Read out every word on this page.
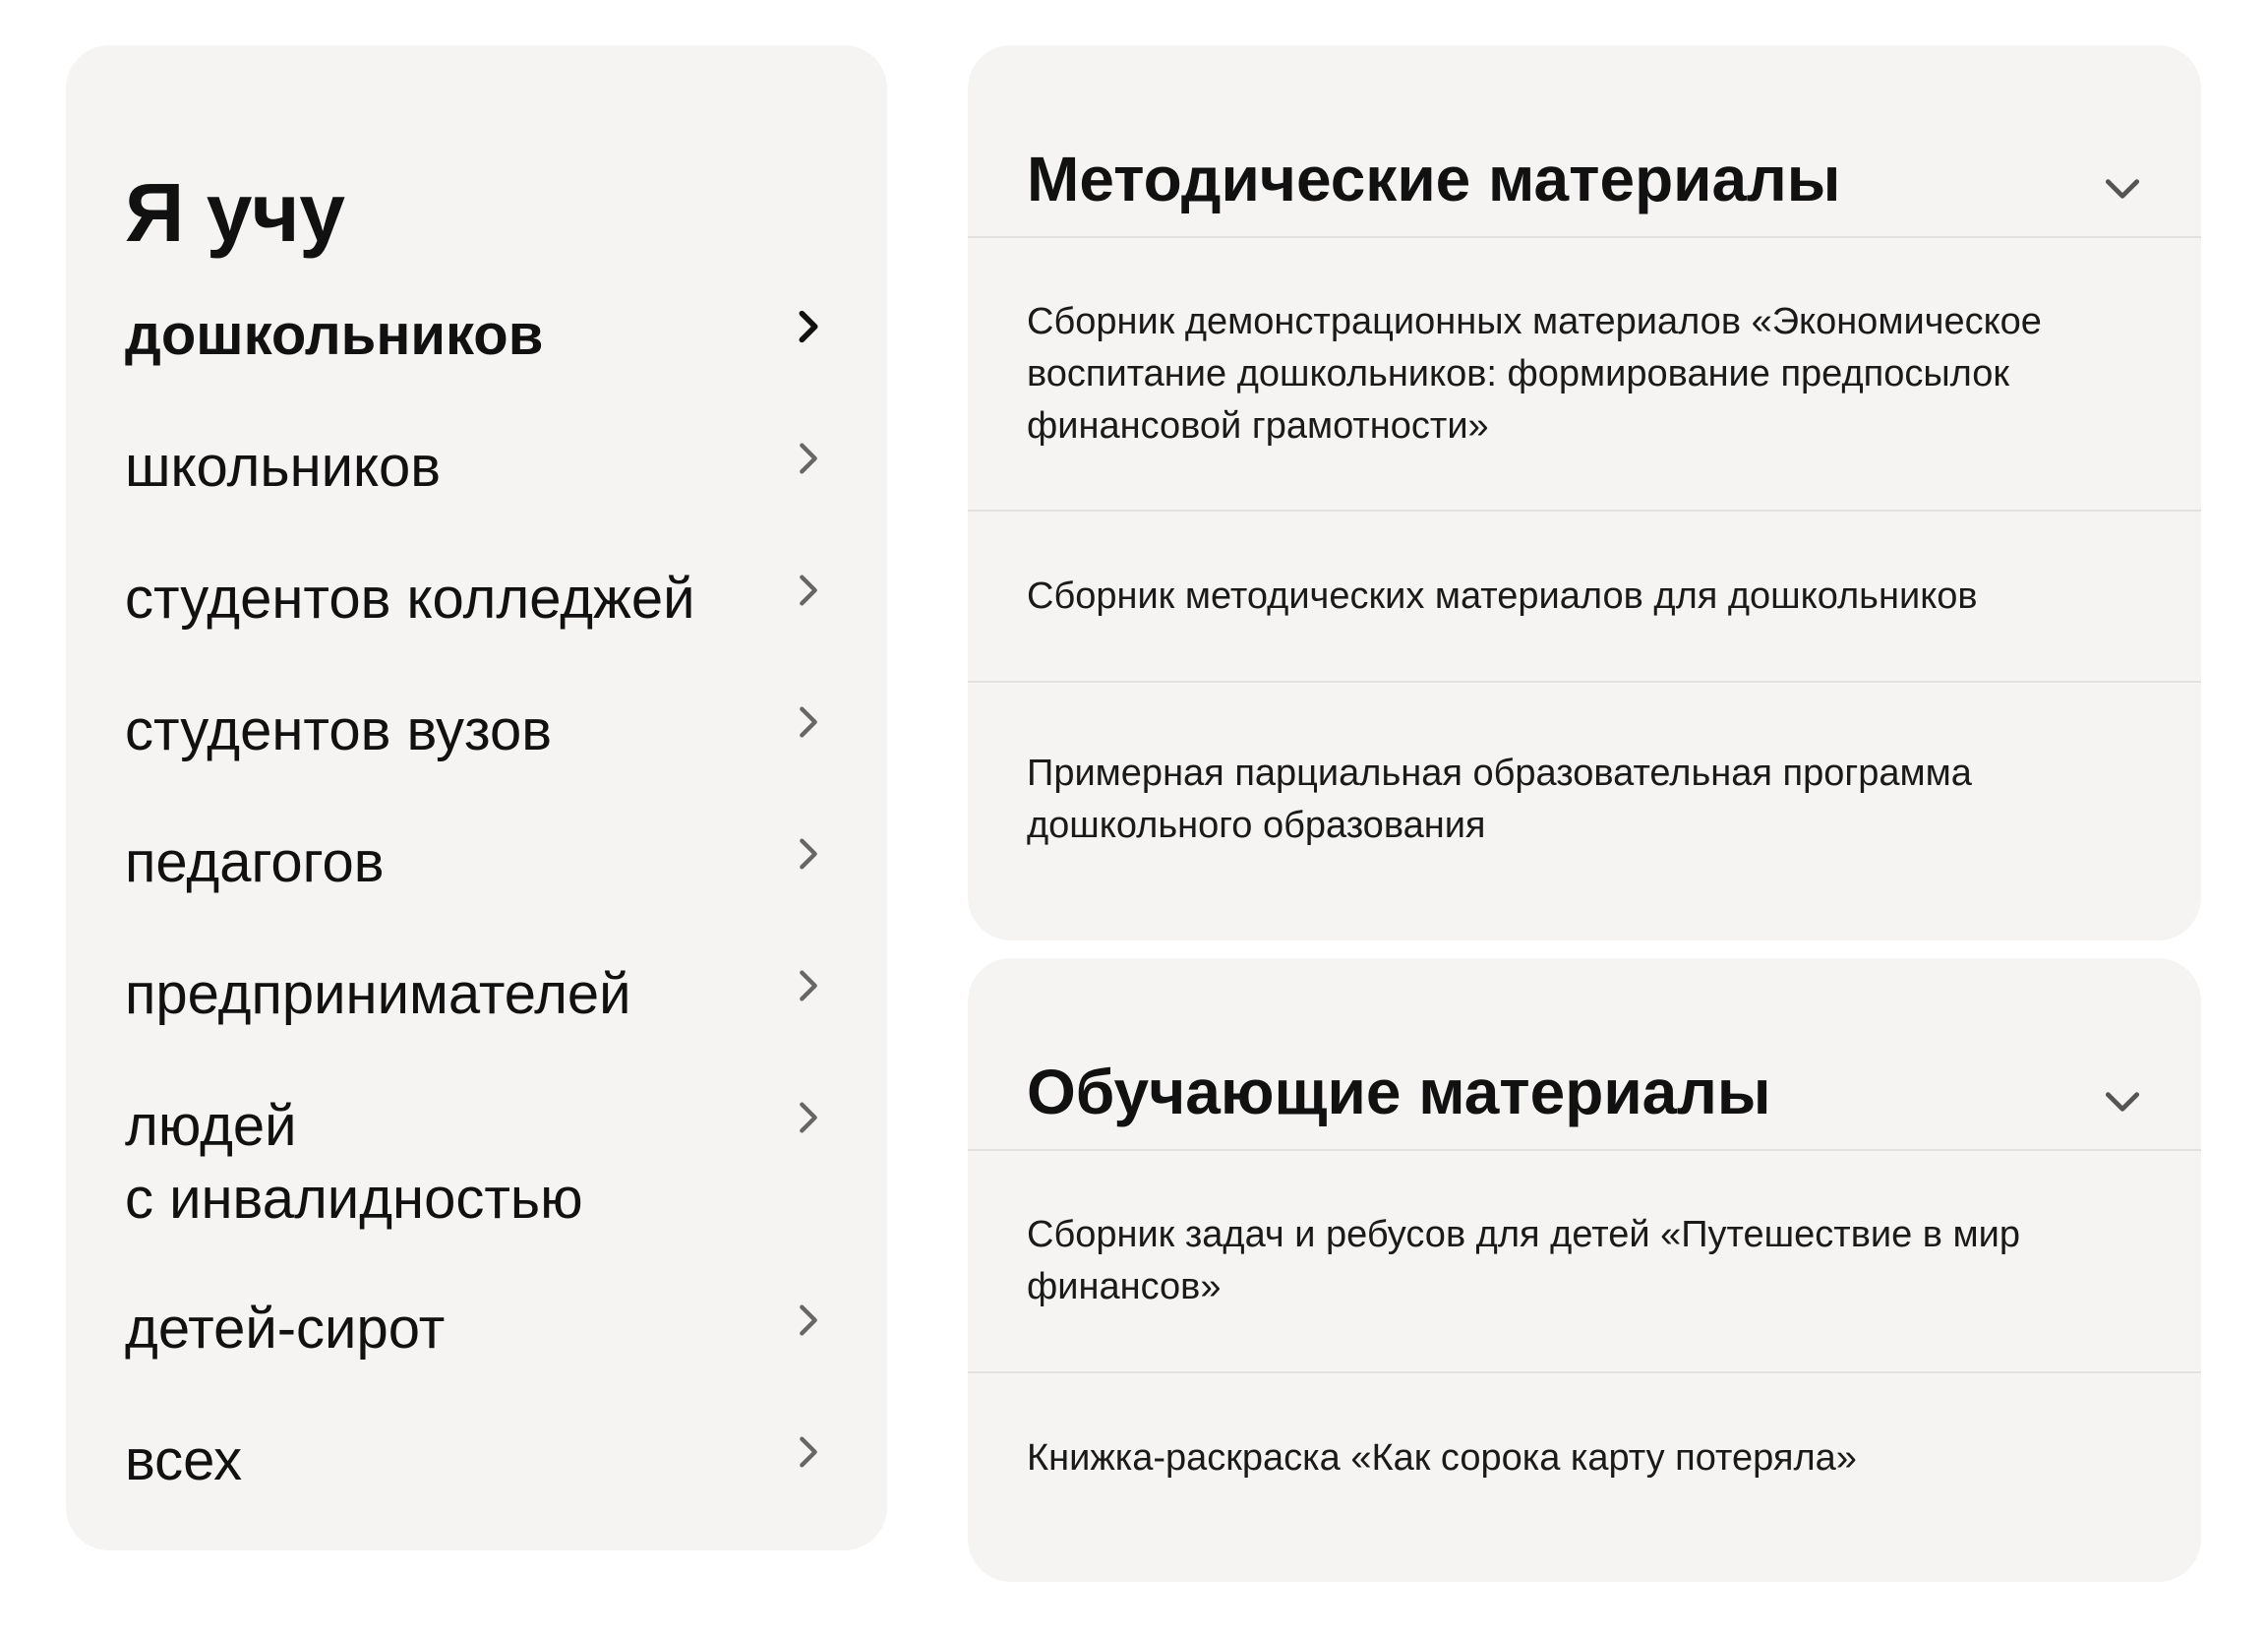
Я учу
дошкольников
школьников
студентов колледжей
студентов вузов
педагогов
предпринимателей
людей
с инвалидностью
детей-сирот
всех
Методические материалы
Сборник демонстрационных материалов «Экономическое воспитание дошкольников: формирование предпосылок финансовой грамотности»
Сборник методических материалов для дошкольников
Примерная парциальная образовательная программа дошкольного образования
Обучающие материалы
Сборник задач и ребусов для детей «Путешествие в мир финансов»
Книжка-раскраска «Как сорока карту потеряла»
